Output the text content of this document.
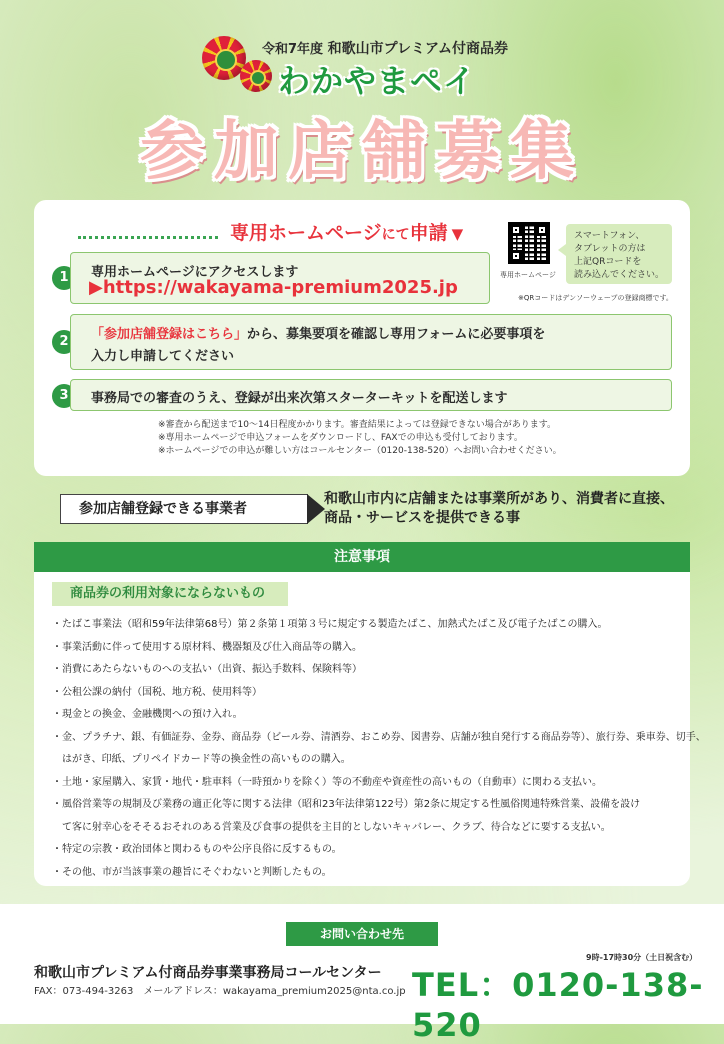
令和7年度 和歌山市プレミアム付商品券
わかやまペイ
参加店舗募集
専用ホームページにて申請 ▼
専用ホームページ
スマートフォン、
タブレットの方は
上記QRコードを
読み込んでください。
※QRコードはデンソーウェーブの登録商標です。
1	専用ホームページにアクセスします
▶https://wakayama-premium2025.jp
2	「参加店舗登録はこちら」から、募集要項を確認し専用フォームに必要事項を
入力し申請してください
3	事務局での審査のうえ、登録が出来次第スターターキットを配送します
※審査から配送まで10～14日程度かかります。審査結果によっては登録できない場合があります。
※専用ホームページで申込フォームをダウンロードし、FAXでの申込も受付しております。
※ホームページでの申込が難しい方はコールセンター（0120-138-520）へお問い合わせください。
参加店舗登録できる事業者
和歌山市内に店舗または事業所があり、消費者に直接、
商品・サービスを提供できる事
注意事項
商品券の利用対象にならないもの
・たばこ事業法（昭和59年法律第68号）第２条第１項第３号に規定する製造たばこ、加熱式たばこ及び電子たばこの購入。
・事業活動に伴って使用する原材料、機器類及び仕入商品等の購入。
・消費にあたらないものへの支払い（出資、振込手数料、保険料等）
・公租公課の納付（国税、地方税、使用料等）
・現金との換金、金融機関への預け入れ。
・金、プラチナ、銀、有価証券、金券、商品券（ビール券、清酒券、おこめ券、図書券、店舗が独自発行する商品券等）、旅行券、乗車券、切手、
　はがき、印紙、プリペイドカード等の換金性の高いものの購入。
・土地・家屋購入、家賃・地代・駐車料（一時預かりを除く）等の不動産や資産性の高いもの（自動車）に関わる支払い。
・風俗営業等の規制及び業務の適正化等に関する法律（昭和23年法律第122号）第2条に規定する性風俗関連特殊営業、設備を設け
　て客に射幸心をそそるおそれのある営業及び食事の提供を主目的としないキャバレー、クラブ、待合などに要する支払い。
・特定の宗教・政治団体と関わるものや公序良俗に反するもの。
・その他、市が当該事業の趣旨にそぐわないと判断したもの。
お問い合わせ先
和歌山市プレミアム付商品券事業事務局コールセンター
FAX：073-494-3263　メールアドレス：wakayama_premium2025@nta.co.jp
9時-17時30分（土日祝含む）
TEL：0120-138-520
